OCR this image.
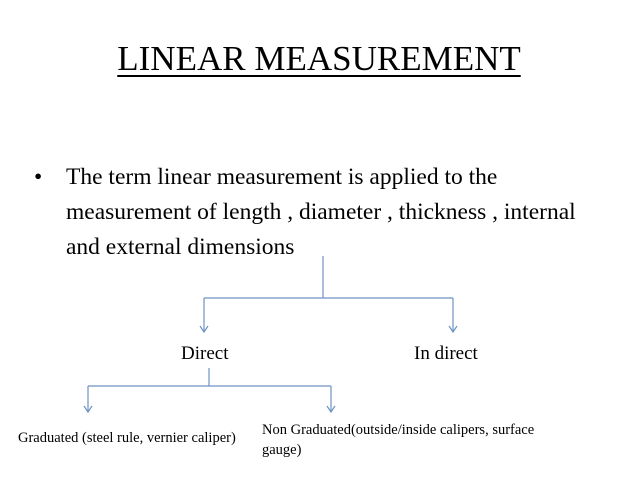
LINEAR MEASUREMENT
• The term linear measurement is applied to the measurement of length , diameter , thickness , internal and external dimensions
Direct	In direct
Graduated (steel rule, vernier caliper) Non Graduated(outside/inside calipers, surface gauge)
